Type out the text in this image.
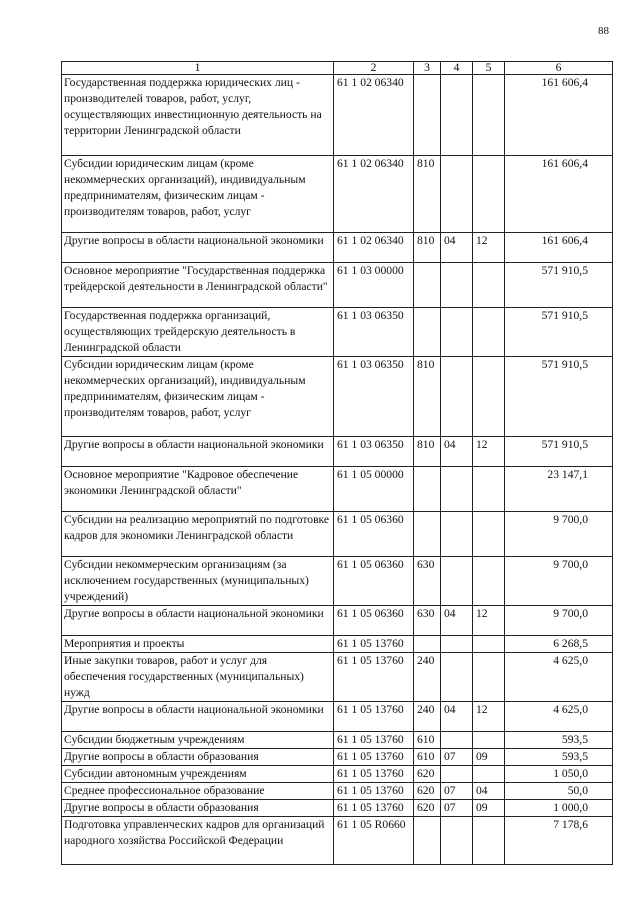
88
1	2	3	4	5	6
Государственная поддержка юридических лиц - производителей товаров, работ, услуг, осуществляющих инвестиционную деятельность на территории Ленинградской области	61 1 02 06340				161 606,4
Субсидии юридическим лицам (кроме некоммерческих организаций), индивидуальным предпринимателям, физическим лицам - производителям товаров, работ, услуг	61 1 02 06340	810			161 606,4
Другие вопросы в области национальной экономики	61 1 02 06340	810	04	12	161 606,4
Основное мероприятие "Государственная поддержка трейдерской деятельности в Ленинградской области"	61 1 03 00000				571 910,5
Государственная поддержка организаций, осуществляющих трейдерскую деятельность в Ленинградской области	61 1 03 06350				571 910,5
Субсидии юридическим лицам (кроме некоммерческих организаций), индивидуальным предпринимателям, физическим лицам - производителям товаров, работ, услуг	61 1 03 06350	810			571 910,5
Другие вопросы в области национальной экономики	61 1 03 06350	810	04	12	571 910,5
Основное мероприятие "Кадровое обеспечение экономики Ленинградской области"	61 1 05 00000				23 147,1
Субсидии на реализацию мероприятий по подготовке кадров для экономики Ленинградской области	61 1 05 06360				9 700,0
Субсидии некоммерческим организациям (за исключением государственных (муниципальных) учреждений)	61 1 05 06360	630			9 700,0
Другие вопросы в области национальной экономики	61 1 05 06360	630	04	12	9 700,0
Мероприятия и проекты	61 1 05 13760				6 268,5
Иные закупки товаров, работ и услуг для обеспечения государственных (муниципальных) нужд	61 1 05 13760	240			4 625,0
Другие вопросы в области национальной экономики	61 1 05 13760	240	04	12	4 625,0
Субсидии бюджетным учреждениям	61 1 05 13760	610			593,5
Другие вопросы в области образования	61 1 05 13760	610	07	09	593,5
Субсидии автономным учреждениям	61 1 05 13760	620			1 050,0
Среднее профессиональное образование	61 1 05 13760	620	07	04	50,0
Другие вопросы в области образования	61 1 05 13760	620	07	09	1 000,0
Подготовка управленческих кадров для организаций народного хозяйства Российской Федерации	61 1 05 R0660				7 178,6
